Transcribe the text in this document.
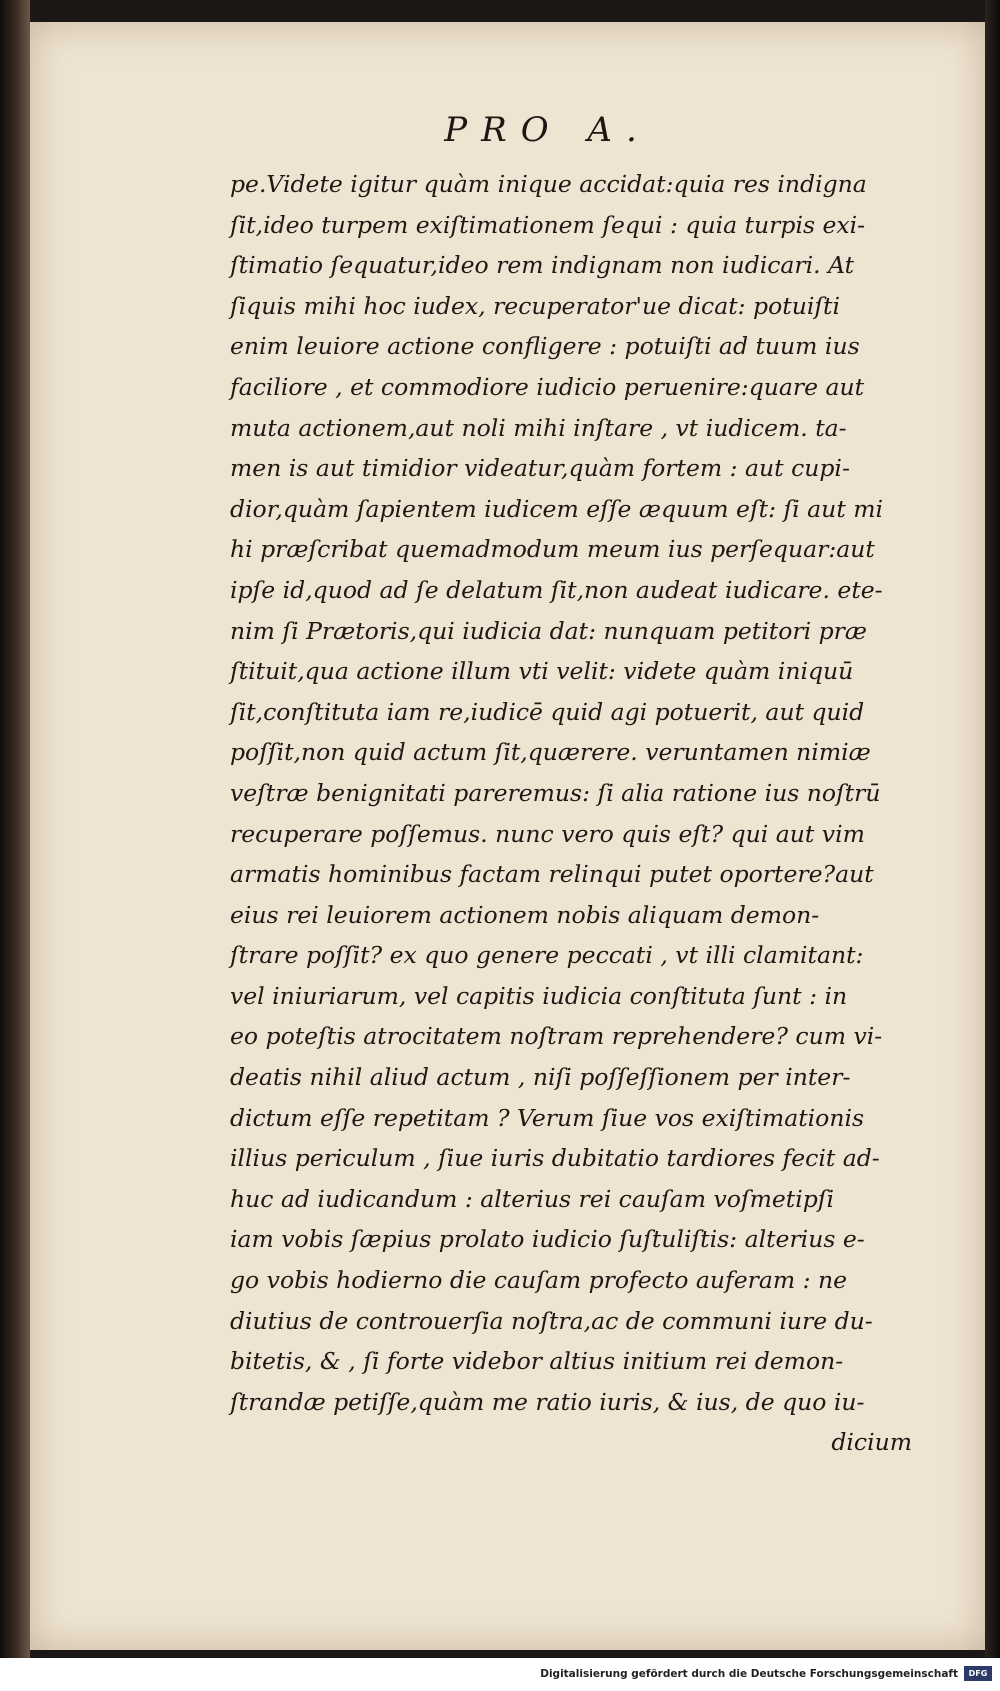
PRO A.
pe.Videte igitur quàm inique accidat:quia res indigna
ſit,ideo turpem exiſtimationem ſequi : quia turpis exi-
ſtimatio ſequatur,ideo rem indignam non iudicari. At
ſiquis mihi hoc iudex, recuperator'ue dicat: potuiſti
enim leuiore actione confligere : potuiſti ad tuum ius
faciliore , et commodiore iudicio peruenire:quare aut
muta actionem,aut noli mihi inſtare , vt iudicem. ta-
men is aut timidior videatur,quàm fortem : aut cupi-
dior,quàm ſapientem iudicem eſſe æquum eſt: ſi aut mi
hi præſcribat quemadmodum meum ius perſequar:aut
ipſe id,quod ad ſe delatum ſit,non audeat iudicare. ete-
nim ſi Prætoris,qui iudicia dat: nunquam petitori præ
ſtituit,qua actione illum vti velit: videte quàm iniquū
ſit,conſtituta iam re,iudicē quid agi potuerit, aut quid
poſſit,non quid actum ſit,quærere. veruntamen nimiæ
veſtræ benignitati pareremus: ſi alia ratione ius noſtrū
recuperare poſſemus. nunc vero quis eſt? qui aut vim
armatis hominibus factam relinqui putet oportere?aut
eius rei leuiorem actionem nobis aliquam demon-
ſtrare poſſit? ex quo genere peccati , vt illi clamitant:
vel iniuriarum, vel capitis iudicia conſtituta ſunt : in
eo poteſtis atrocitatem noſtram reprehendere? cum vi-
deatis nihil aliud actum , niſi poſſeſſionem per inter-
dictum eſſe repetitam ? Verum ſiue vos exiſtimationis
illius periculum , ſiue iuris dubitatio tardiores fecit ad-
huc ad iudicandum : alterius rei cauſam voſmetipſi
iam vobis ſæpius prolato iudicio ſuſtuliſtis: alterius e-
go vobis hodierno die cauſam profecto auferam : ne
diutius de controuerſia noſtra,ac de communi iure du-
bitetis, & , ſi forte videbor altius initium rei demon-
ſtrandæ petiſſe,quàm me ratio iuris, & ius, de quo iu-
dicium
Digitalisierung gefördert durch die Deutsche Forschungsgemeinschaft	DFG
